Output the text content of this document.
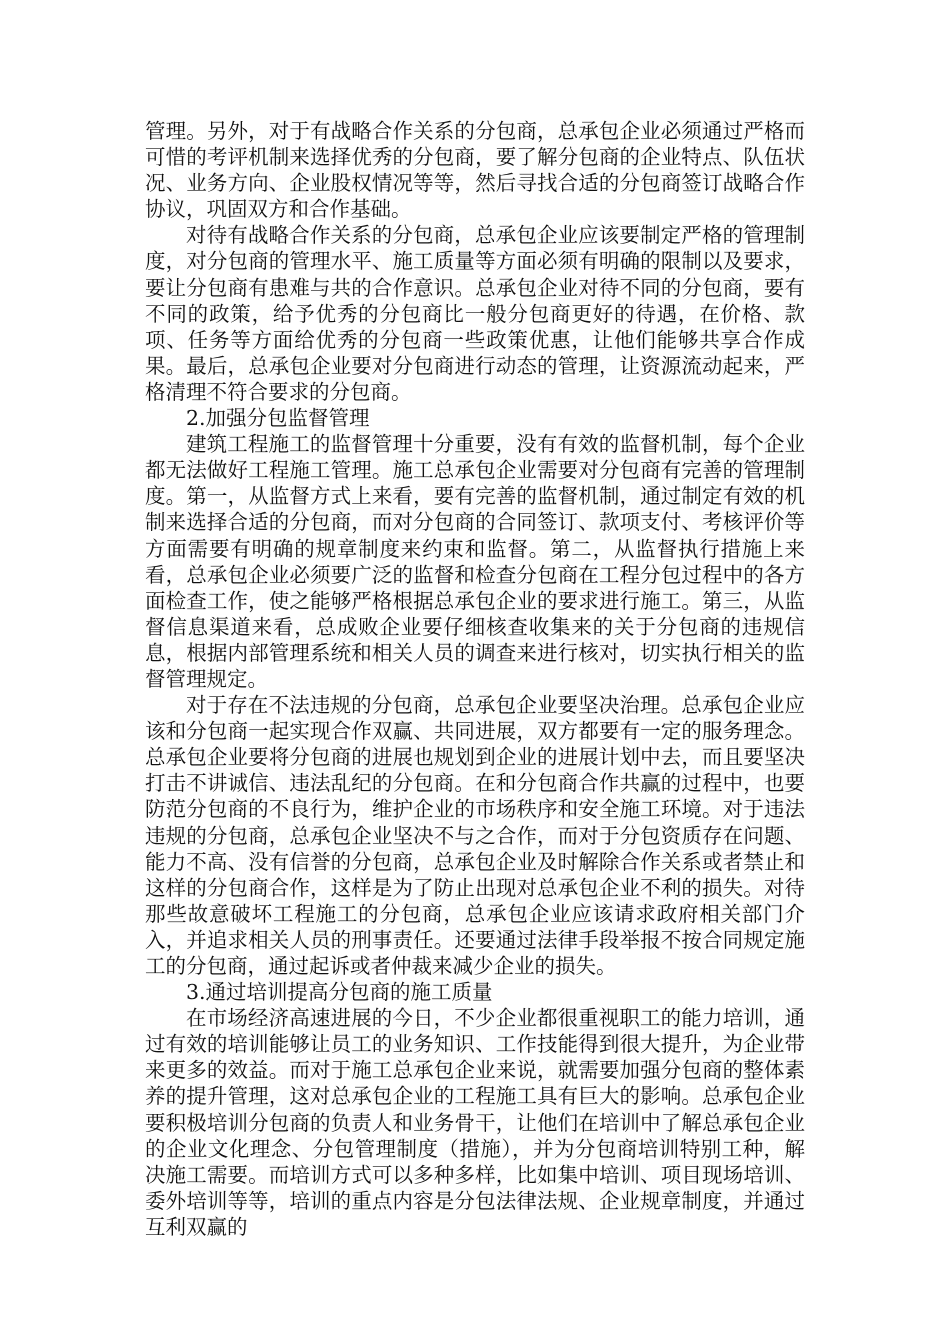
管理。另外，对于有战略合作关系的分包商，总承包企业必须通过严格而可惜的考评机制来选择优秀的分包商，要了解分包商的企业特点、队伍状况、业务方向、企业股权情况等等，然后寻找合适的分包商签订战略合作协议，巩固双方和合作基础。

对待有战略合作关系的分包商，总承包企业应该要制定严格的管理制度，对分包商的管理水平、施工质量等方面必须有明确的限制以及要求，要让分包商有患难与共的合作意识。总承包企业对待不同的分包商，要有不同的政策，给予优秀的分包商比一般分包商更好的待遇，在价格、款项、任务等方面给优秀的分包商一些政策优惠，让他们能够共享合作成果。最后，总承包企业要对分包商进行动态的管理，让资源流动起来，严格清理不符合要求的分包商。

2.加强分包监督管理

建筑工程施工的监督管理十分重要，没有有效的监督机制，每个企业都无法做好工程施工管理。施工总承包企业需要对分包商有完善的管理制度。第一，从监督方式上来看，要有完善的监督机制，通过制定有效的机制来选择合适的分包商，而对分包商的合同签订、款项支付、考核评价等方面需要有明确的规章制度来约束和监督。第二，从监督执行措施上来看，总承包企业必须要广泛的监督和检查分包商在工程分包过程中的各方面检查工作，使之能够严格根据总承包企业的要求进行施工。第三，从监督信息渠道来看，总成败企业要仔细核查收集来的关于分包商的违规信息，根据内部管理系统和相关人员的调查来进行核对，切实执行相关的监督管理规定。

对于存在不法违规的分包商，总承包企业要坚决治理。总承包企业应该和分包商一起实现合作双赢、共同进展，双方都要有一定的服务理念。总承包企业要将分包商的进展也规划到企业的进展计划中去，而且要坚决打击不讲诚信、违法乱纪的分包商。在和分包商合作共赢的过程中，也要防范分包商的不良行为，维护企业的市场秩序和安全施工环境。对于违法违规的分包商，总承包企业坚决不与之合作，而对于分包资质存在问题、能力不高、没有信誉的分包商，总承包企业及时解除合作关系或者禁止和这样的分包商合作，这样是为了防止出现对总承包企业不利的损失。对待那些故意破坏工程施工的分包商，总承包企业应该请求政府相关部门介入，并追求相关人员的刑事责任。还要通过法律手段举报不按合同规定施工的分包商，通过起诉或者仲裁来减少企业的损失。

3.通过培训提高分包商的施工质量

在市场经济高速进展的今日，不少企业都很重视职工的能力培训，通过有效的培训能够让员工的业务知识、工作技能得到很大提升，为企业带来更多的效益。而对于施工总承包企业来说，就需要加强分包商的整体素养的提升管理，这对总承包企业的工程施工具有巨大的影响。总承包企业要积极培训分包商的负责人和业务骨干，让他们在培训中了解总承包企业的企业文化理念、分包管理制度（措施），并为分包商培训特别工种，解决施工需要。而培训方式可以多种多样，比如集中培训、项目现场培训、委外培训等等，培训的重点内容是分包法律法规、企业规章制度，并通过互利双赢的
